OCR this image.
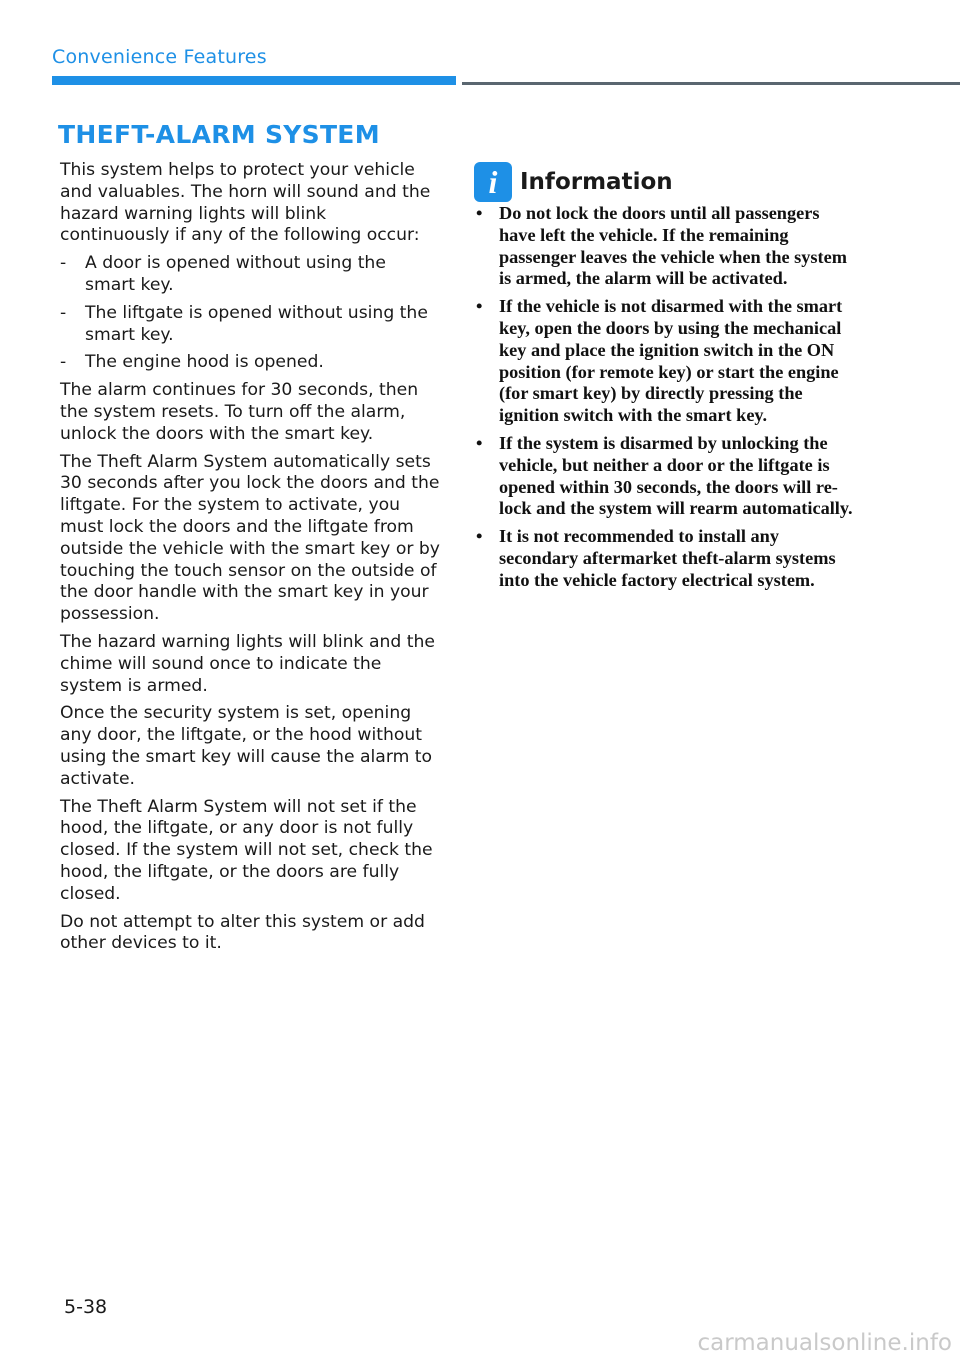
Convenience Features
THEFT-ALARM SYSTEM

This system helps to protect your vehicle and valuables. The horn will sound and the hazard warning lights will blink continuously if any of the following occur:

- A door is opened without using the smart key.
- The liftgate is opened without using the smart key.
- The engine hood is opened.

The alarm continues for 30 seconds, then the system resets. To turn off the alarm, unlock the doors with the smart key.

The Theft Alarm System automatically sets 30 seconds after you lock the doors and the liftgate. For the system to activate, you must lock the doors and the liftgate from outside the vehicle with the smart key or by touching the touch sensor on the outside of the door handle with the smart key in your possession.

The hazard warning lights will blink and the chime will sound once to indicate the system is armed.

Once the security system is set, opening any door, the liftgate, or the hood without using the smart key will cause the alarm to activate.

The Theft Alarm System will not set if the hood, the liftgate, or any door is not fully closed. If the system will not set, check the hood, the liftgate, or the doors are fully closed.

Do not attempt to alter this system or add other devices to it.

i Information
• Do not lock the doors until all passengers have left the vehicle. If the remaining passenger leaves the vehicle when the system is armed, the alarm will be activated.
• If the vehicle is not disarmed with the smart key, open the doors by using the mechanical key and place the ignition switch in the ON position (for remote key) or start the engine (for smart key) by directly pressing the ignition switch with the smart key.
• If the system is disarmed by unlocking the vehicle, but neither a door or the liftgate is opened within 30 seconds, the doors will re-lock and the system will rearm automatically.
• It is not recommended to install any secondary aftermarket theft-alarm systems into the vehicle factory electrical system.
5-38
carmanualsonline.info
